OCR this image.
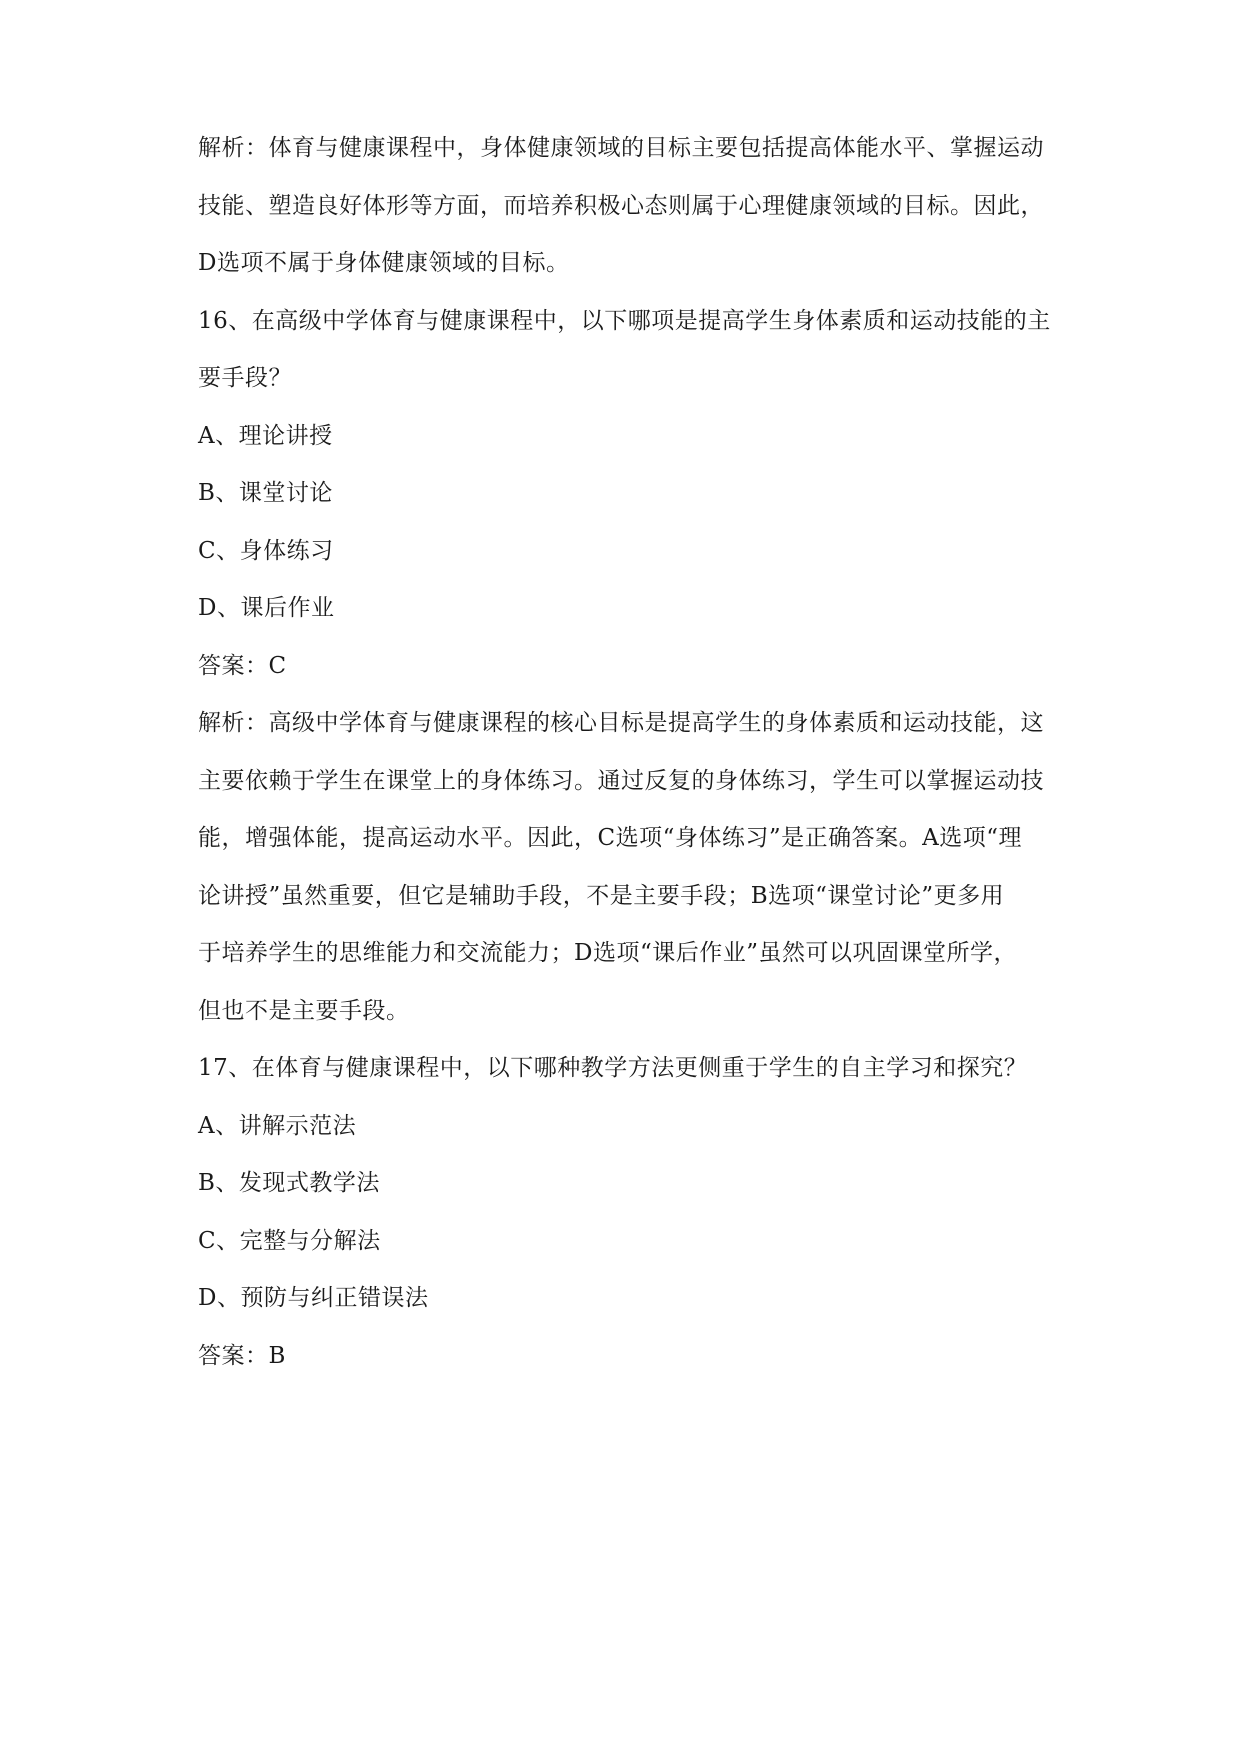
解析：体育与健康课程中，身体健康领域的目标主要包括提高体能水平、掌握运动

技能、塑造良好体形等方面，而培养积极心态则属于心理健康领域的目标。因此，

D选项不属于身体健康领域的目标。

16、在高级中学体育与健康课程中，以下哪项是提高学生身体素质和运动技能的主

要手段？

A、理论讲授

B、课堂讨论

C、身体练习

D、课后作业

答案：C

解析：高级中学体育与健康课程的核心目标是提高学生的身体素质和运动技能，这

主要依赖于学生在课堂上的身体练习。通过反复的身体练习，学生可以掌握运动技

能，增强体能，提高运动水平。因此，C选项“身体练习”是正确答案。A选项“理

论讲授”虽然重要，但它是辅助手段，不是主要手段；B选项“课堂讨论”更多用

于培养学生的思维能力和交流能力；D选项“课后作业”虽然可以巩固课堂所学，

但也不是主要手段。

17、在体育与健康课程中，以下哪种教学方法更侧重于学生的自主学习和探究？

A、讲解示范法

B、发现式教学法

C、完整与分解法

D、预防与纠正错误法

答案：B
